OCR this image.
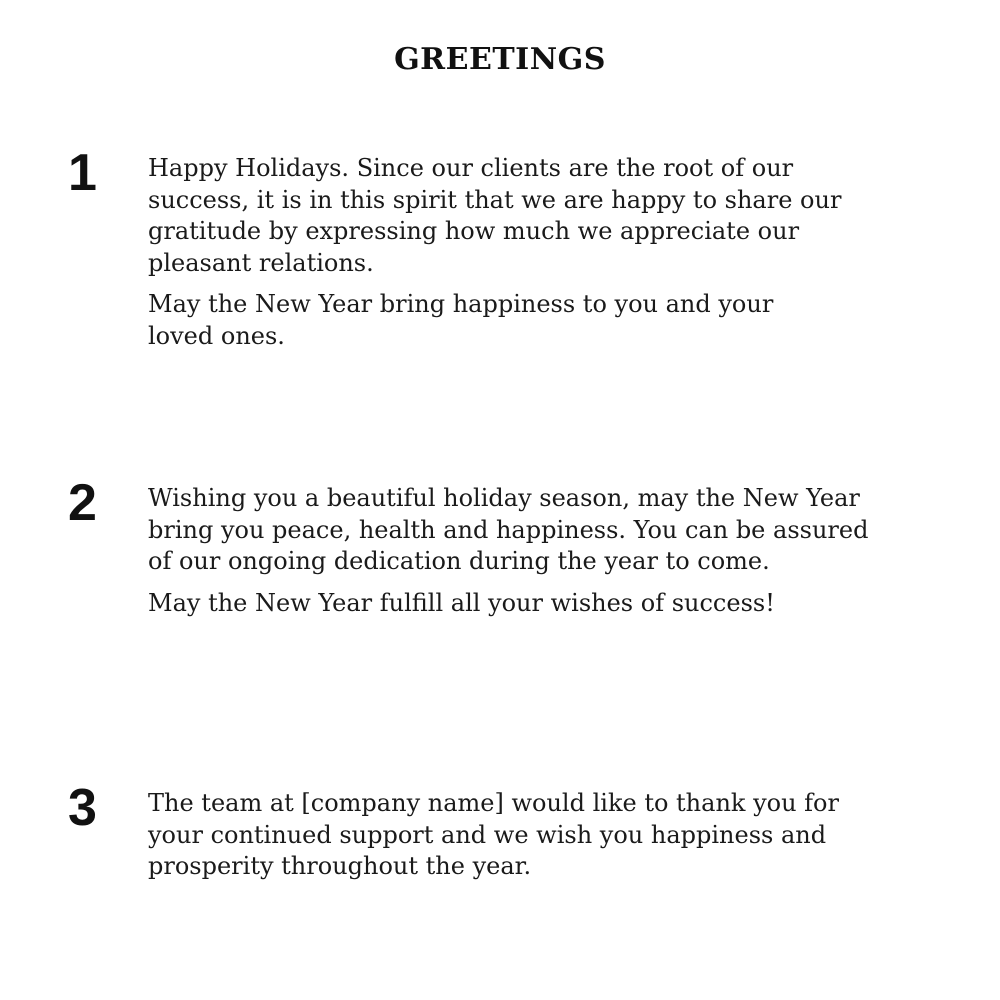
GREETINGS
1 Happy Holidays. Since our clients are the root of our
success, it is in this spirit that we are happy to share our
gratitude by expressing how much we appreciate our
pleasant relations.

May the New Year bring happiness to you and your
loved ones.

2 Wishing you a beautiful holiday season, may the New Year
bring you peace, health and happiness. You can be assured
of our ongoing dedication during the year to come.

May the New Year fulfill all your wishes of success!

3 The team at [company name] would like to thank you for
your continued support and we wish you happiness and
prosperity throughout the year.
